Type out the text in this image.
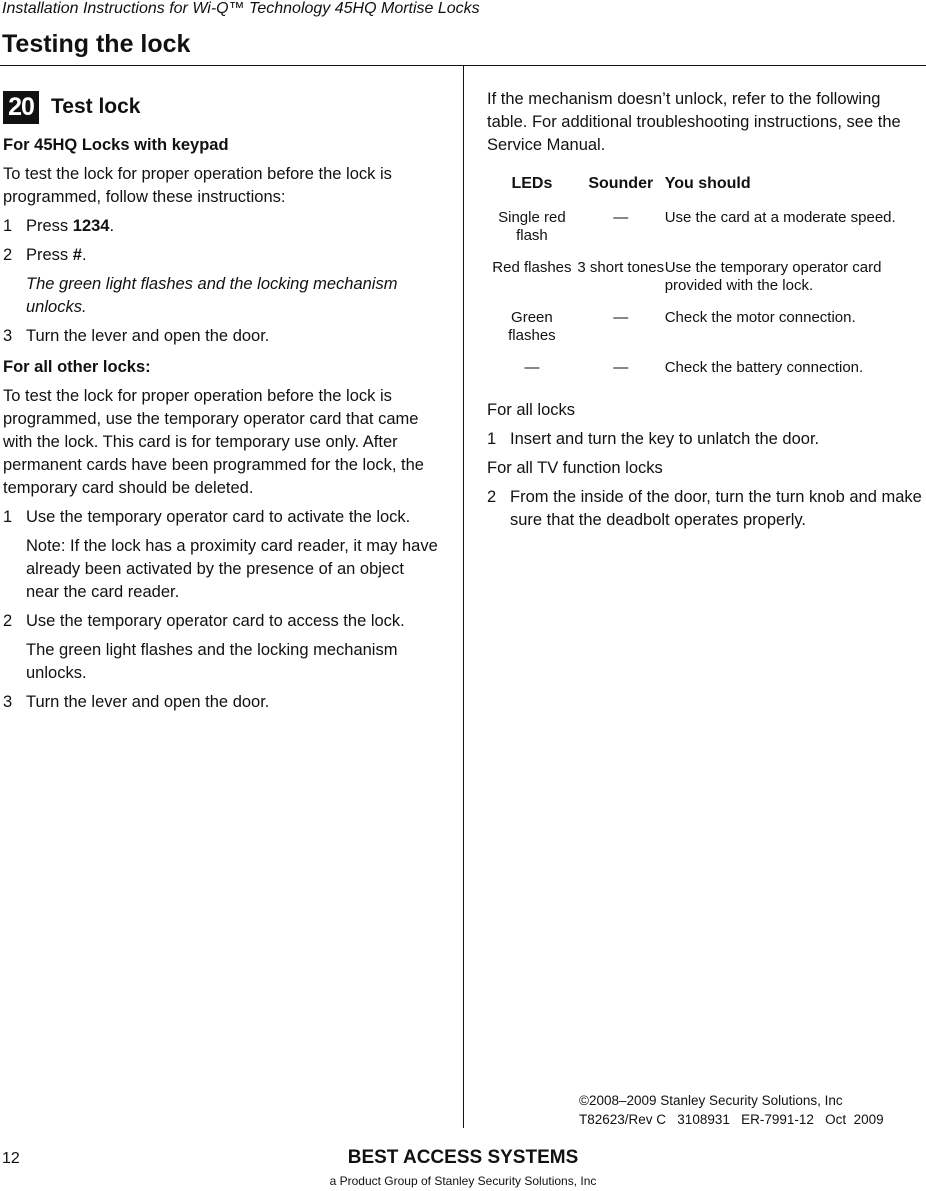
Installation Instructions for Wi-Q™ Technology 45HQ Mortise Locks
Testing the lock
20 Test lock
For 45HQ Locks with keypad

To test the lock for proper operation before the lock is programmed, follow these instructions:

1 Press 1234.
2 Press #.
The green light flashes and the locking mechanism unlocks.
3 Turn the lever and open the door.
For all other locks:

To test the lock for proper operation before the lock is programmed, use the temporary operator card that came with the lock. This card is for temporary use only. After permanent cards have been programmed for the lock, the temporary card should be deleted.

1 Use the temporary operator card to activate the lock.
Note: If the lock has a proximity card reader, it may have already been activated by the presence of an object near the card reader.
2 Use the temporary operator card to access the lock.
The green light flashes and the locking mechanism unlocks.
3 Turn the lever and open the door.

If the mechanism doesn’t unlock, refer to the following table. For additional troubleshooting instructions, see the Service Manual.

LEDs	Sounder	You should
Single red flash	—	Use the card at a moderate speed.
Red flashes	3 short tones	Use the temporary operator card provided with the lock.
Green flashes	—	Check the motor connection.
—	—	Check the battery connection.

For all locks

1 Insert and turn the key to unlatch the door.

For all TV function locks

2 From the inside of the door, turn the turn knob and make sure that the deadbolt operates properly.
©2008–2009 Stanley Security Solutions, Inc
T82623/Rev C   3108931   ER-7991-12   Oct  2009
12	BEST ACCESS SYSTEMS
a Product Group of Stanley Security Solutions, Inc
